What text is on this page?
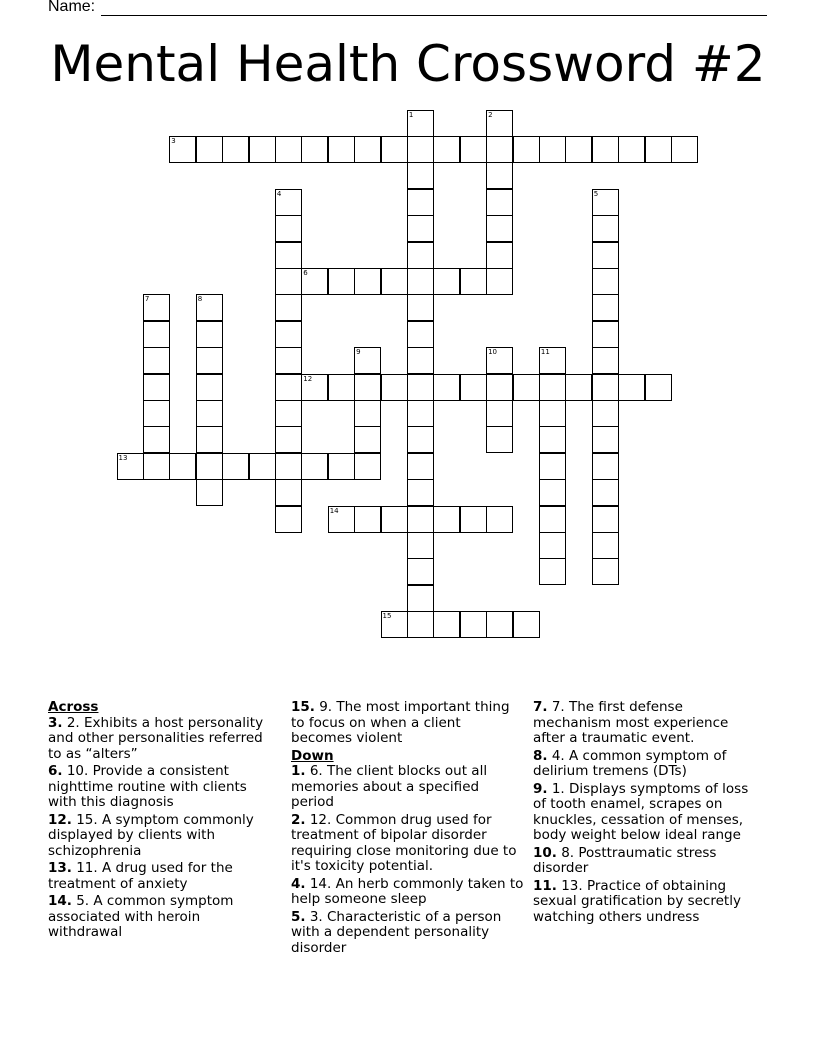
Name:
Mental Health Crossword #2
3
6
12
13
14
15
1	2
4	5
7	8
9	10	11
Across
3. 2. Exhibits a host personality and other personalities referred to as “alters”
6. 10. Provide a consistent nighttime routine with clients with this diagnosis
12. 15. A symptom commonly displayed by clients with schizophrenia
13. 11. A drug used for the treatment of anxiety
14. 5. A common symptom associated with heroin withdrawal
15. 9. The most important thing to focus on when a client becomes violent
Down
1. 6. The client blocks out all memories about a specified period
2. 12. Common drug used for treatment of bipolar disorder requiring close monitoring due to it's toxicity potential.
4. 14. An herb commonly taken to help someone sleep
5. 3. Characteristic of a person with a dependent personality disorder
7. 7. The first defense mechanism most experience after a traumatic event.
8. 4. A common symptom of delirium tremens (DTs)
9. 1. Displays symptoms of loss of tooth enamel, scrapes on knuckles, cessation of menses, body weight below ideal range
10. 8. Posttraumatic stress disorder
11. 13. Practice of obtaining sexual gratification by secretly watching others undress
